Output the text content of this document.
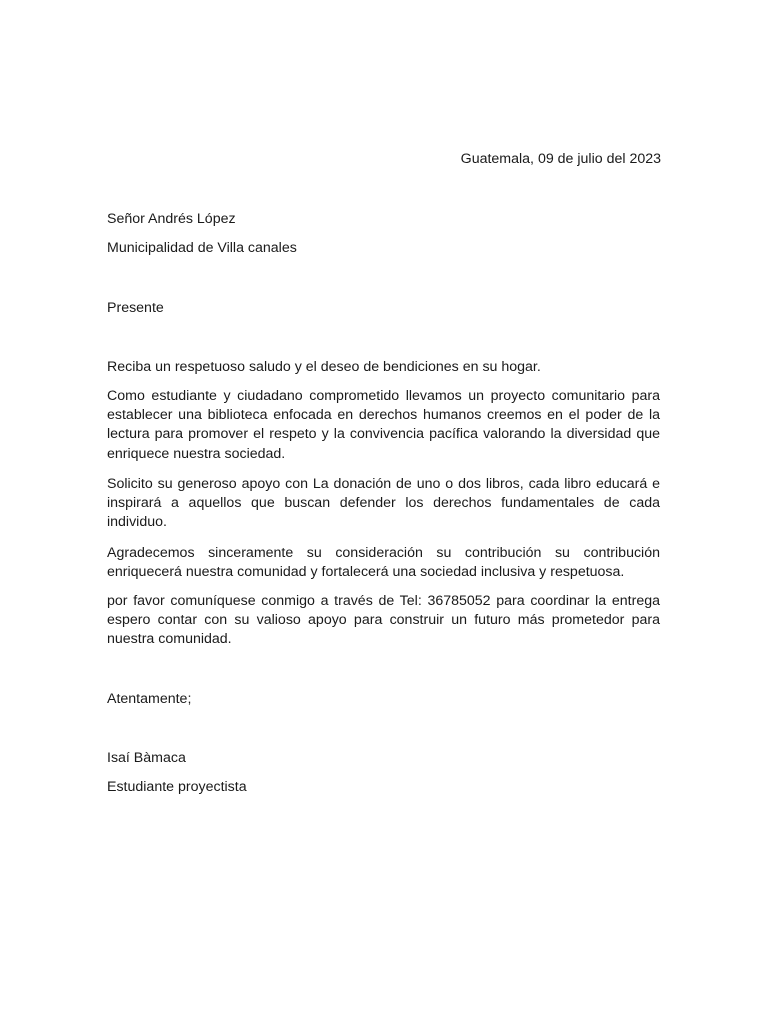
Guatemala, 09 de julio del 2023
Señor Andrés López
Municipalidad de Villa canales
Presente
Reciba un respetuoso saludo y el deseo de bendiciones en su hogar.
Como estudiante y ciudadano comprometido llevamos un proyecto comunitario para establecer una biblioteca enfocada en derechos humanos creemos en el poder de la lectura para promover el respeto y la convivencia pacífica valorando la diversidad que enriquece nuestra sociedad.
Solicito su generoso apoyo con La donación de uno o dos libros, cada libro educará e inspirará a aquellos que buscan defender los derechos fundamentales de cada individuo.
Agradecemos sinceramente su consideración su contribución su contribución enriquecerá nuestra comunidad y fortalecerá una sociedad inclusiva y respetuosa.
por favor comuníquese conmigo a través de Tel: 36785052 para coordinar la entrega espero contar con su valioso apoyo para construir un futuro más prometedor para nuestra comunidad.
Atentamente;
Isaí Bàmaca
Estudiante proyectista
